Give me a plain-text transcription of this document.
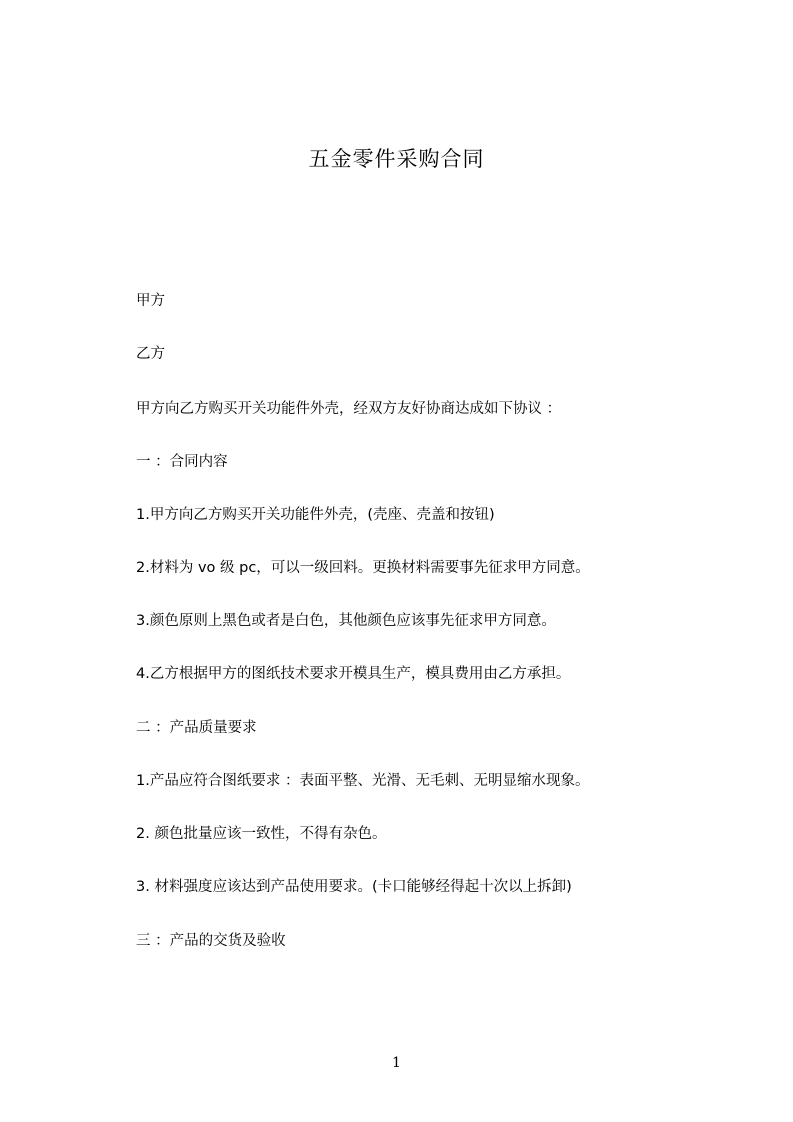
五金零件采购合同
甲方
乙方
甲方向乙方购买开关功能件外壳，经双方友好协商达成如下协议 ：
一 ：合同内容
1.甲方向乙方购买开关功能件外壳，(壳座、壳盖和按钮)
2.材料为 vo 级 pc，可以一级回料。更换材料需要事先征求甲方同意。
3.颜色原则上黑色或者是白色，其他颜色应该事先征求甲方同意。
4.乙方根据甲方的图纸技术要求开模具生产，模具费用由乙方承担。
二 ：产品质量要求
1.产品应符合图纸要求 ：表面平整、光滑、无毛刺、无明显缩水现象。
2. 颜色批量应该一致性，不得有杂色。
3. 材料强度应该达到产品使用要求。(卡口能够经得起十次以上拆卸)
三 ：产品的交货及验收
1
